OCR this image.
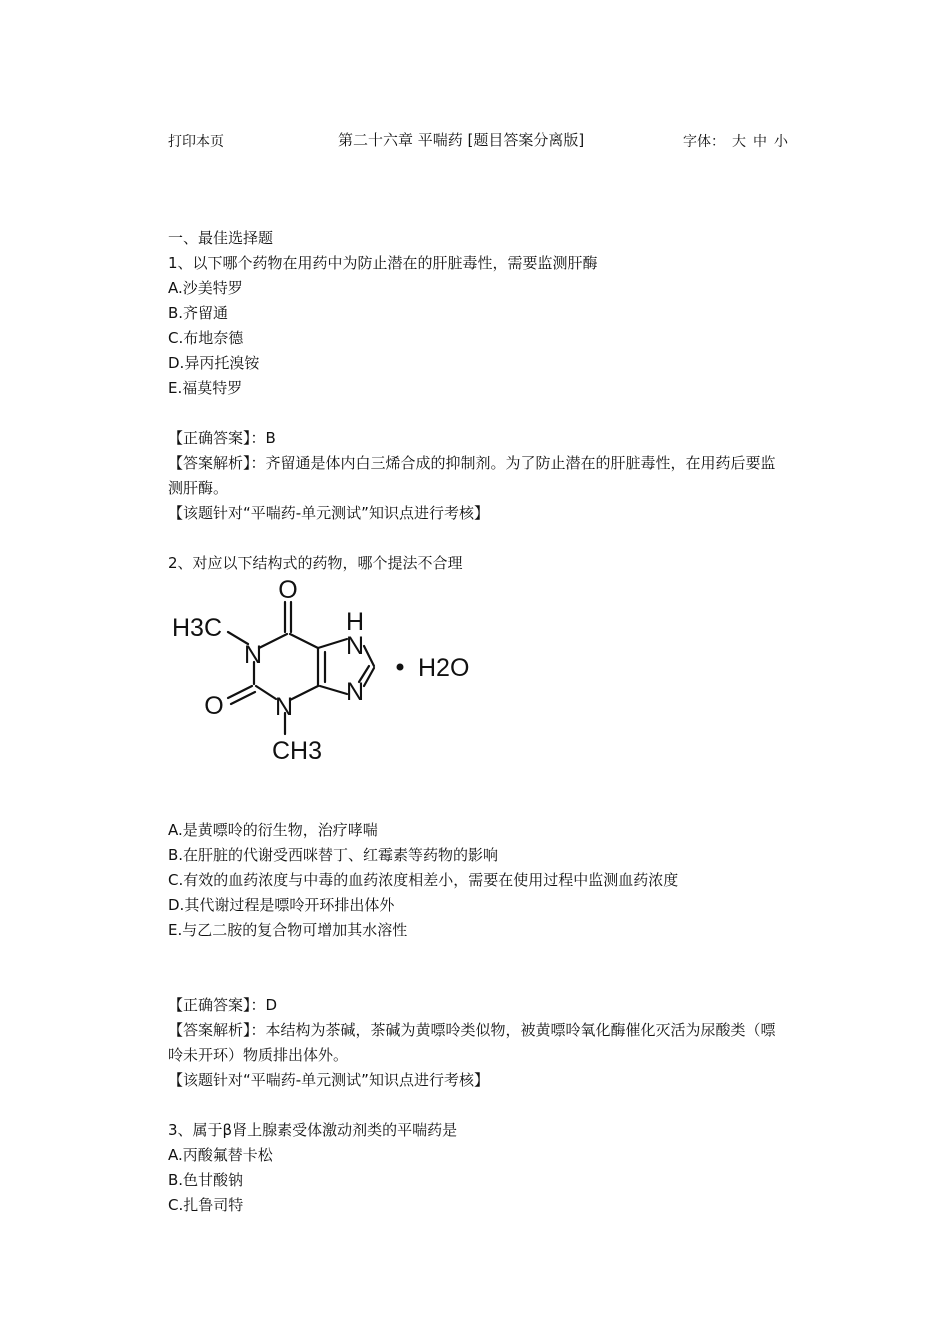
打印本页	第二十六章 平喘药 [题目答案分离版]	字体： 大 中 小
一、最佳选择题
1、以下哪个药物在用药中为防止潜在的肝脏毒性，需要监测肝酶
A.沙美特罗
B.齐留通
C.布地奈德
D.异丙托溴铵
E.福莫特罗
【正确答案】：B
【答案解析】：齐留通是体内白三烯合成的抑制剂。为了防止潜在的肝脏毒性，在用药后要监测肝酶。
【该题针对“平喘药-单元测试”知识点进行考核】
2、对应以下结构式的药物，哪个提法不合理
O
H
N
H3C
N
O N
N
CH3
H2O
A.是黄嘌呤的衍生物，治疗哮喘
B.在肝脏的代谢受西咪替丁、红霉素等药物的影响
C.有效的血药浓度与中毒的血药浓度相差小，需要在使用过程中监测血药浓度
D.其代谢过程是嘌呤开环排出体外
E.与乙二胺的复合物可增加其水溶性
【正确答案】：D
【答案解析】：本结构为茶碱，茶碱为黄嘌呤类似物，被黄嘌呤氧化酶催化灭活为尿酸类（嘌呤未开环）物质排出体外。
【该题针对“平喘药-单元测试”知识点进行考核】
3、属于β肾上腺素受体激动剂类的平喘药是
A.丙酸氟替卡松
B.色甘酸钠
C.扎鲁司特
